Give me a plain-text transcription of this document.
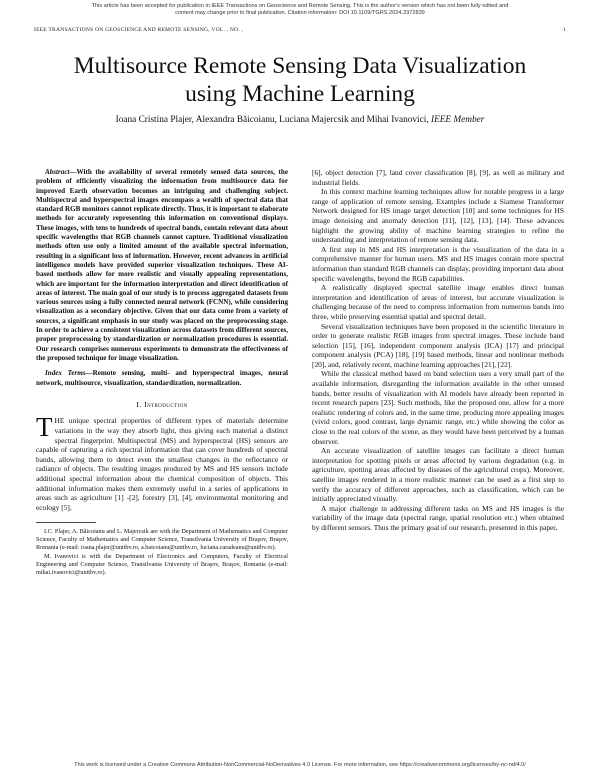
This article has been accepted for publication in IEEE Transactions on Geoscience and Remote Sensing. This is the author's version which has not been fully edited and
content may change prior to final publication. Citation information: DOI 10.1109/TGRS.2024.3372839
IEEE TRANSACTIONS ON GEOSCIENCE AND REMOTE SENSING, VOL. , NO. ,	1
Multisource Remote Sensing Data Visualization
using Machine Learning
Ioana Cristina Plajer, Alexandra Băicoianu, Luciana Majercsik and Mihai Ivanovici, IEEE Member

Abstract—With the availability of several remotely sensed data sources, the problem of efficiently visualizing the information from multisource data for improved Earth observation becomes an intriguing and challenging subject. Multispectral and hyperspectral images encompass a wealth of spectral data that standard RGB monitors cannot replicate directly. Thus, it is important to elaborate methods for accurately representing this information on conventional displays. These images, with tens to hundreds of spectral bands, contain relevant data about specific wavelengths that RGB channels cannot capture. Traditional visualization methods often use only a limited amount of the available spectral information, resulting in a significant loss of information. However, recent advances in artificial intelligence models have provided superior visualization techniques. These AI-based methods allow for more realistic and visually appealing representations, which are important for the information interpretation and direct identification of areas of interest. The main goal of our study is to process aggregated datasets from various sources using a fully connected neural network (FCNN), while considering visualization as a secondary objective. Given that our data come from a variety of sources, a significant emphasis in our study was placed on the preprocessing stage. In order to achieve a consistent visualization across datasets from different sources, proper preprocessing by standardization or normalization procedures is essential. Our research comprises numerous experiments to demonstrate the effectiveness of the proposed technique for image visualization.

Index Terms—Remote sensing, multi- and hyperspectral images, neural network, multisource, visualization, standardization, normalization.

I. Introduction

THE unique spectral properties of different types of materials determine variations in the way they absorb light, thus giving each material a distinct spectral fingerprint. Multispectral (MS) and hyperspectral (HS) sensors are capable of capturing a rich spectral information that can cover hundreds of spectral bands, allowing them to detect even the smallest changes in the reflectance or radiance of objects. The resulting images produced by MS and HS sensors include additional spectral information about the chemical composition of objects. This additional information makes them extremely useful in a series of applications in areas such as agriculture [1] -[2], forestry [3], [4], environmental monitoring and ecology [5],

I.C. Plajer, A. Băicoianu and L. Majercsik are with the Department of Mathematics and Computer Science, Faculty of Mathematics and Computer Science, Transilvania University of Braşov, Braşov, Romania (e-mail: ioana.plajer@unitbv.ro, a.baicoianu@unitbv.ro, luciana.caradeanu@unitbv.ro).

M. Ivanovici is with the Department of Electronics and Computers, Faculty of Electrical Engineering and Computer Science, Transilvania University of Braşov, Braşov, Romania (e-mail: mihai.ivanovici@unitbv.ro).

[6], object detection [7], land cover classification [8], [9], as well as military and industrial fields.

In this context machine learning techniques allow for notable progress in a large range of application of remote sensing. Examples include a Siamese Transformer Network designed for HS image target detection [10] and some techniques for HS image denoising and anomaly detection [11], [12], [13], [14]. These advances highlight the growing ability of machine learning strategies to refine the understanding and interpretation of remote sensing data.

A first step in MS and HS interpretation is the visualization of the data in a comprehensive manner for human users. MS and HS images contain more spectral information than standard RGB channels can display, providing important data about specific wavelengths, beyond the RGB capabilities.

A realistically displayed spectral satellite image enables direct human interpretation and identification of areas of interest, but accurate visualization is challenging because of the need to compress information from numerous bands into three, while preserving essential spatial and spectral detail.

Several visualization techniques have been proposed in the scientific literature in order to generate realistic RGB images from spectral images. These include band selection [15], [16], independent component analysis (ICA) [17] and principal component analysis (PCA) [18], [19] based methods, linear and nonlinear methods [20], and, relatively recent, machine learning approaches [21], [22].

While the classical method based on band selection uses a very small part of the available information, disregarding the information available in the other unused bands, better results of visualization with AI models have already been reported in recent research papers [23]. Such methods, like the proposed one, allow for a more realistic rendering of colors and, in the same time, producing more appealing images (vivid colors, good contrast, large dynamic range, etc.) while showing the color as close to the real colors of the scene, as they would have been perceived by a human observer.

An accurate visualization of satellite images can facilitate a direct human interpretation for spotting pixels or areas affected by various degradation (e.g. in agriculture, spotting areas affected by diseases of the agricultural crops). Moreover, satellite images rendered in a more realistic manner can be used as a first step to verify the accuracy of different approaches, such as classification, which can be initially appreciated visually.

A major challenge in addressing different tasks on MS and HS images is the variability of the image data (spectral range, spatial resolution etc.) when obtained by different sensors. Thus the primary goal of our research, presented in this paper,

This work is licensed under a Creative Commons Attribution-NonCommercial-NoDerivatives 4.0 License. For more information, see https://creativecommons.org/licenses/by-nc-nd/4.0/
